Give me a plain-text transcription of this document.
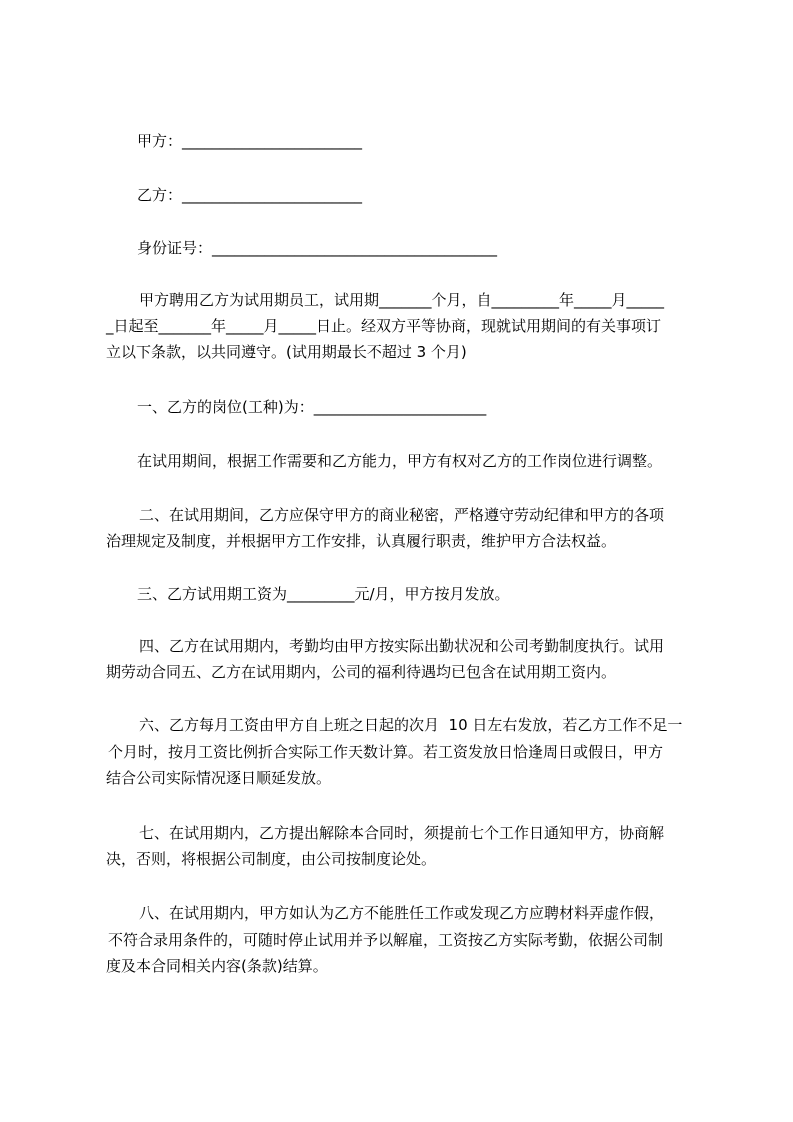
甲方：________________________
乙方：________________________
身份证号：______________________________________
甲方聘用乙方为试用期员工，试用期_______个月，自_________年_____月_____
_日起至_______年_____月_____日止。经双方平等协商，现就试用期间的有关事项订
立以下条款，以共同遵守。(试用期最长不超过 3 个月)
一、乙方的岗位(工种)为：_______________________
在试用期间，根据工作需要和乙方能力，甲方有权对乙方的工作岗位进行调整。
二、在试用期间，乙方应保守甲方的商业秘密，严格遵守劳动纪律和甲方的各项
治理规定及制度，并根据甲方工作安排，认真履行职责，维护甲方合法权益。
三、乙方试用期工资为_________元/月，甲方按月发放。
四、乙方在试用期内，考勤均由甲方按实际出勤状况和公司考勤制度执行。试用
期劳动合同五、乙方在试用期内，公司的福利待遇均已包含在试用期工资内。
六、乙方每月工资由甲方自上班之日起的次月  10 日左右发放，若乙方工作不足一
个月时，按月工资比例折合实际工作天数计算。若工资发放日恰逢周日或假日，甲方
结合公司实际情况逐日顺延发放。
七、在试用期内，乙方提出解除本合同时，须提前七个工作日通知甲方，协商解
决，否则，将根据公司制度，由公司按制度论处。
八、在试用期内，甲方如认为乙方不能胜任工作或发现乙方应聘材料弄虚作假，
不符合录用条件的，可随时停止试用并予以解雇，工资按乙方实际考勤，依据公司制
度及本合同相关内容(条款)结算。
